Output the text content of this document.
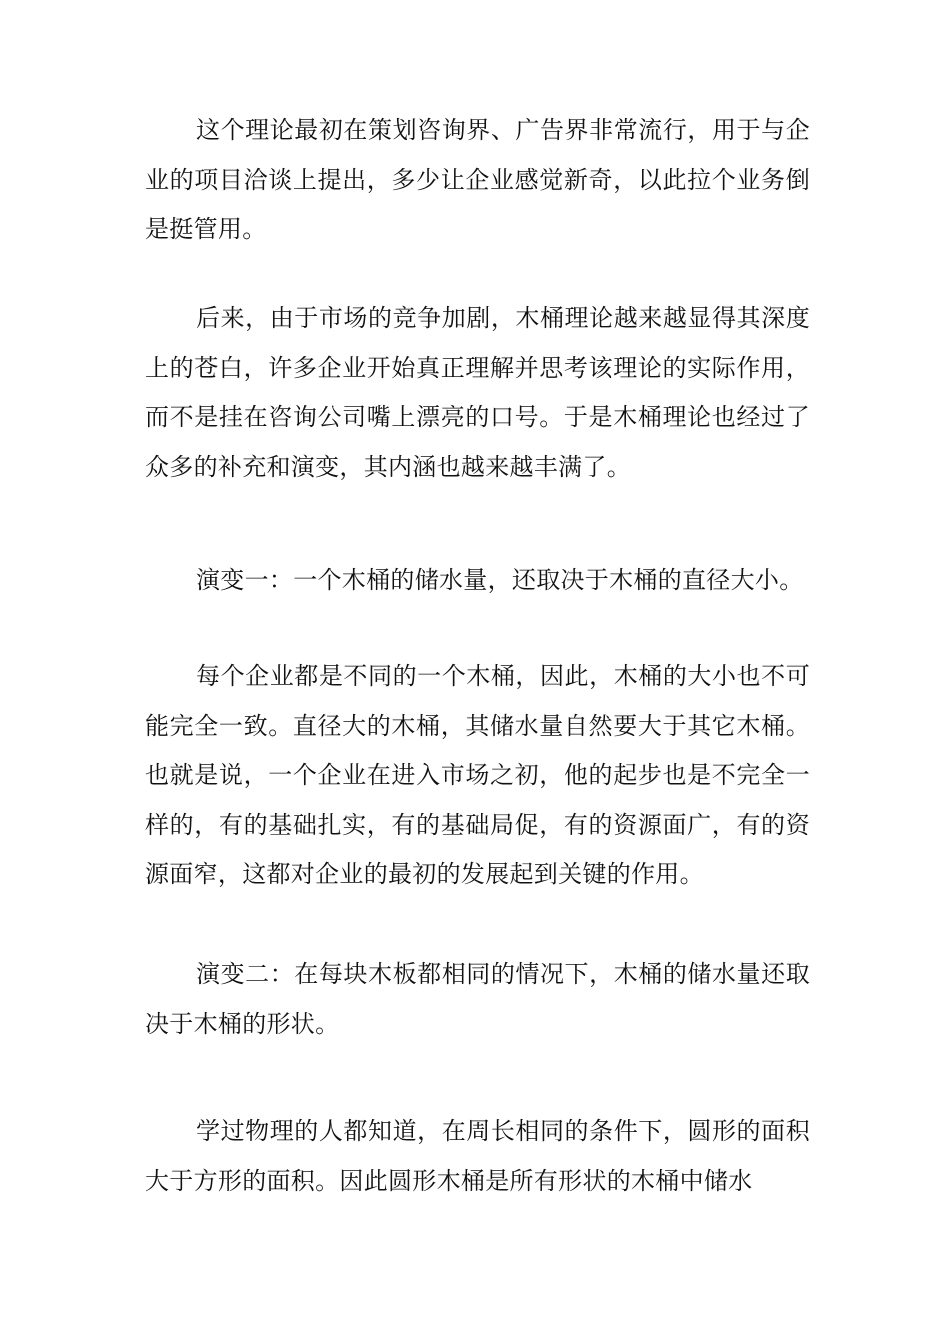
这个理论最初在策划咨询界、广告界非常流行，用于与企业的项目洽谈上提出，多少让企业感觉新奇，以此拉个业务倒是挺管用。

后来，由于市场的竞争加剧，木桶理论越来越显得其深度上的苍白，许多企业开始真正理解并思考该理论的实际作用，而不是挂在咨询公司嘴上漂亮的口号。于是木桶理论也经过了众多的补充和演变，其内涵也越来越丰满了。

演变一：一个木桶的储水量，还取决于木桶的直径大小。

每个企业都是不同的一个木桶，因此，木桶的大小也不可能完全一致。直径大的木桶，其储水量自然要大于其它木桶。也就是说，一个企业在进入市场之初，他的起步也是不完全一样的，有的基础扎实，有的基础局促，有的资源面广，有的资源面窄，这都对企业的最初的发展起到关键的作用。

演变二：在每块木板都相同的情况下，木桶的储水量还取决于木桶的形状。

学过物理的人都知道，在周长相同的条件下，圆形的面积大于方形的面积。因此圆形木桶是所有形状的木桶中储水
